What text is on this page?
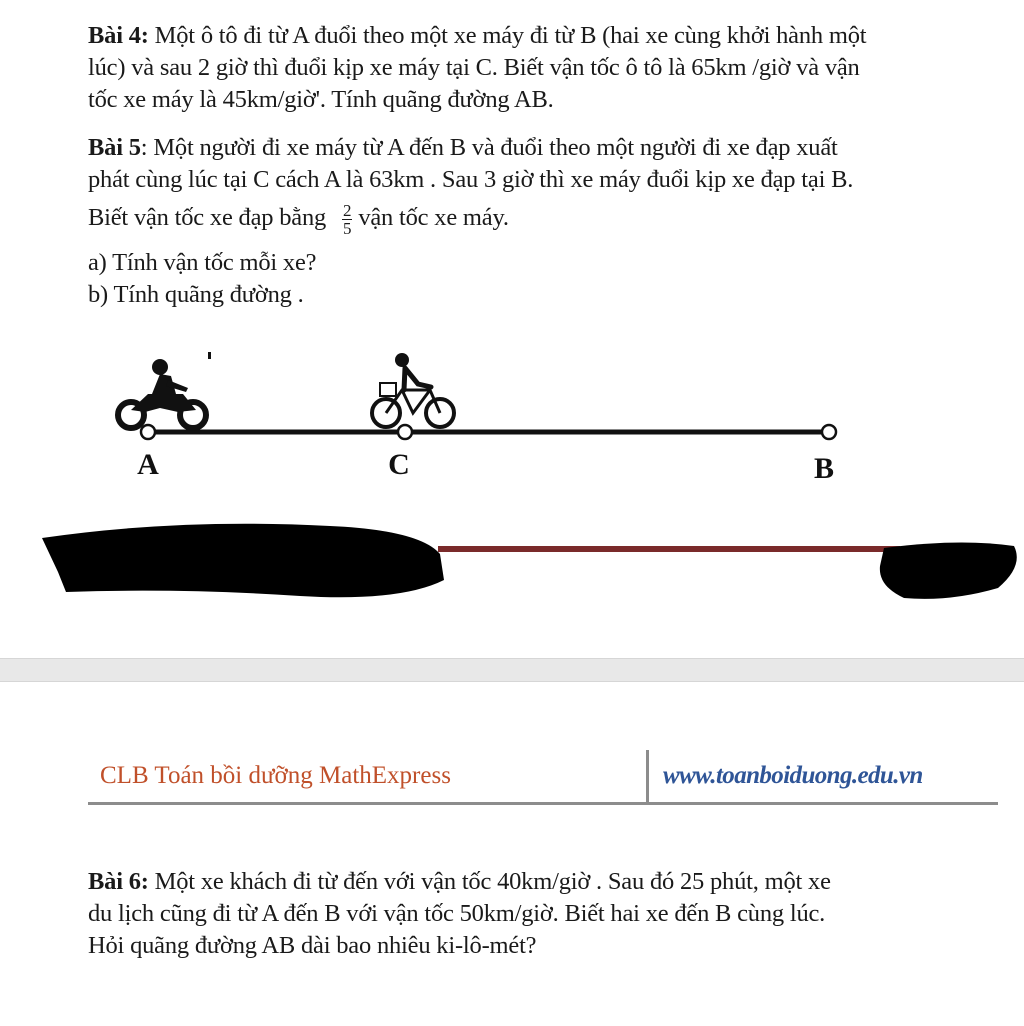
Bài 4: Một ô tô đi từ A đuổi theo một xe máy đi từ B (hai xe cùng khởi hành một

lúc) và sau 2 giờ thì đuổi kịp xe máy tại C. Biết vận tốc ô tô là 65km /giờ và vận

tốc xe máy là 45km/giờ'. Tính quãng đường AB.

Bài 5: Một người đi xe máy từ A đến B và đuổi theo một người đi xe đạp xuất

phát cùng lúc tại C cách A là 63km . Sau 3 giờ thì xe máy đuổi kịp xe đạp tại B.

Biết vận tốc xe đạp bằng $\frac{2}{5}$ vận tốc xe máy.

a) Tính vận tốc mỗi xe?

b) Tính quãng đường .

A	C	B
CLB Toán bồi dưỡng MathExpress	www.toanboiduong.edu.vn

Bài 6: Một xe khách đi từ đến với vận tốc 40km/giờ . Sau đó 25 phút, một xe

du lịch cũng đi từ A đến B với vận tốc 50km/giờ. Biết hai xe đến B cùng lúc.

Hỏi quãng đường AB dài bao nhiêu ki-lô-mét?
